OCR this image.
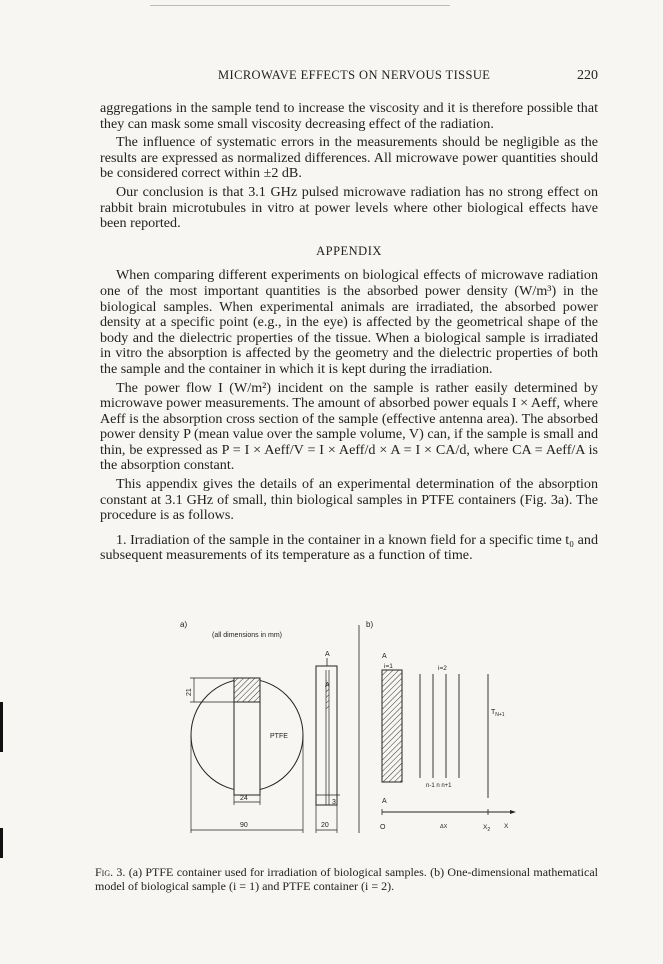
MICROWAVE EFFECTS ON NERVOUS TISSUE	220

aggregations in the sample tend to increase the viscosity and it is therefore possible that they can mask some small viscosity decreasing effect of the radiation.

The influence of systematic errors in the measurements should be negligible as the results are expressed as normalized differences. All microwave power quantities should be considered correct within ±2 dB.

Our conclusion is that 3.1 GHz pulsed microwave radiation has no strong effect on rabbit brain microtubules in vitro at power levels where other biological effects have been reported.

APPENDIX

When comparing different experiments on biological effects of microwave radiation one of the most important quantities is the absorbed power density (W/m³) in the biological samples. When experimental animals are irradiated, the absorbed power density at a specific point (e.g., in the eye) is affected by the geometrical shape of the body and the dielectric properties of the tissue. When a biological sample is irradiated in vitro the absorption is affected by the geometry and the dielectric properties of both the sample and the container in which it is kept during the irradiation.

The power flow I (W/m²) incident on the sample is rather easily determined by microwave power measurements. The amount of absorbed power equals I × Aeff, where Aeff is the absorption cross section of the sample (effective antenna area). The absorbed power density P (mean value over the sample volume, V) can, if the sample is small and thin, be expressed as P = I × Aeff/V = I × Aeff/d × A = I × CA/d, where CA = Aeff/A is the absorption constant.

This appendix gives the details of an experimental determination of the absorption constant at 3.1 GHz of small, thin biological samples in PTFE containers (Fig. 3a). The procedure is as follows.

1. Irradiation of the sample in the container in a known field for a specific time t₀ and subsequent measurements of its temperature as a function of time.

a)
(all dimensions in mm)
PTFE
21
24
90
A
A
3
20
b)
A
i=1	i=2
$T_{N+1}$
n-1 n n+1
A
O	ΔX	$X_2$ X
Fig. 3. (a) PTFE container used for irradiation of biological samples. (b) One-dimensional mathematical model of biological sample (i = 1) and PTFE container (i = 2).
